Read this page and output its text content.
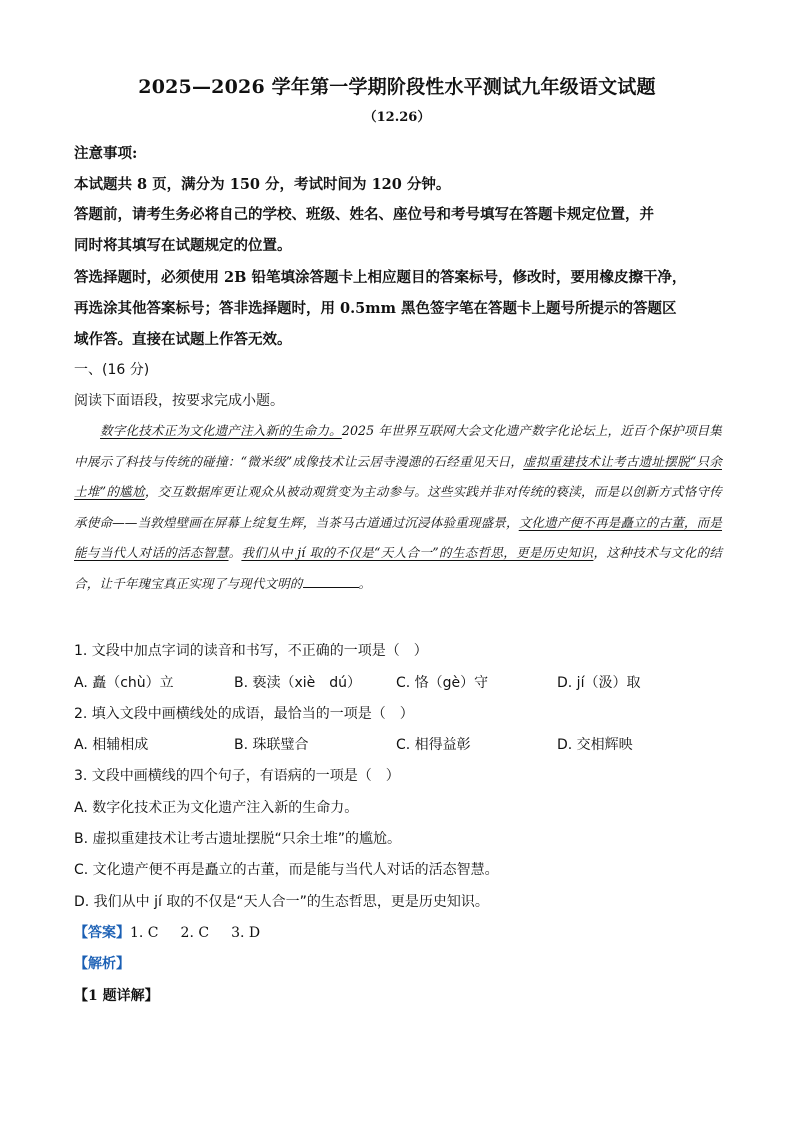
2025—2026 学年第一学期阶段性水平测试九年级语文试题
（12.26）
注意事项:
本试题共 8 页，满分为 150 分，考试时间为 120 分钟。
答题前，请考生务必将自己的学校、班级、姓名、座位号和考号填写在答题卡规定位置，并
同时将其填写在试题规定的位置。
答选择题时，必须使用 2B 铅笔填涂答题卡上相应题目的答案标号，修改时，要用橡皮擦干净，
再选涂其他答案标号；答非选择题时，用 0.5mm 黑色签字笔在答题卡上题号所提示的答题区
域作答。直接在试题上作答无效。
一、(16 分)
阅读下面语段，按要求完成小题。
数字化技术正为文化遗产注入新的生命力。2025 年世界互联网大会文化遗产数字化论坛上，近百个保护项目集中展示了科技与传统的碰撞：“微米级”成像技术让云居寺漫漶的石经重见天日，虚拟重建技术让考古遗址摆脱“只余土堆”的尴尬，交互数据库更让观众从被动观赏变为主动参与。这些实践并非对传统的亵渎，而是以创新方式恪守传承使命——当敦煌壁画在屏幕上绽复生辉，当茶马古道通过沉浸体验重现盛景，文化遗产便不再是矗立的古董，而是能与当代人对话的活态智慧。我们从中 jí 取的不仅是“天人合一”的生态哲思，更是历史知识，这种技术与文化的结合，让千年瑰宝真正实现了与现代文明的	。
1. 文段中加点字词的读音和书写，不正确的一项是（　）
A. 矗（chù）立	B. 亵渎（xiè　dú） C. 恪（gè）守	D. jí（汲）取
2. 填入文段中画横线处的成语，最恰当的一项是（　）
A. 相辅相成	B. 珠联璧合	C. 相得益彰	D. 交相辉映
3. 文段中画横线的四个句子，有语病的一项是（　）
A. 数字化技术正为文化遗产注入新的生命力。
B. 虚拟重建技术让考古遗址摆脱“只余土堆”的尴尬。
C. 文化遗产便不再是矗立的古董，而是能与当代人对话的活态智慧。
D. 我们从中 jí 取的不仅是“天人合一”的生态哲思，更是历史知识。
【答案】1. C 2. C 3. D
【解析】
【1 题详解】
